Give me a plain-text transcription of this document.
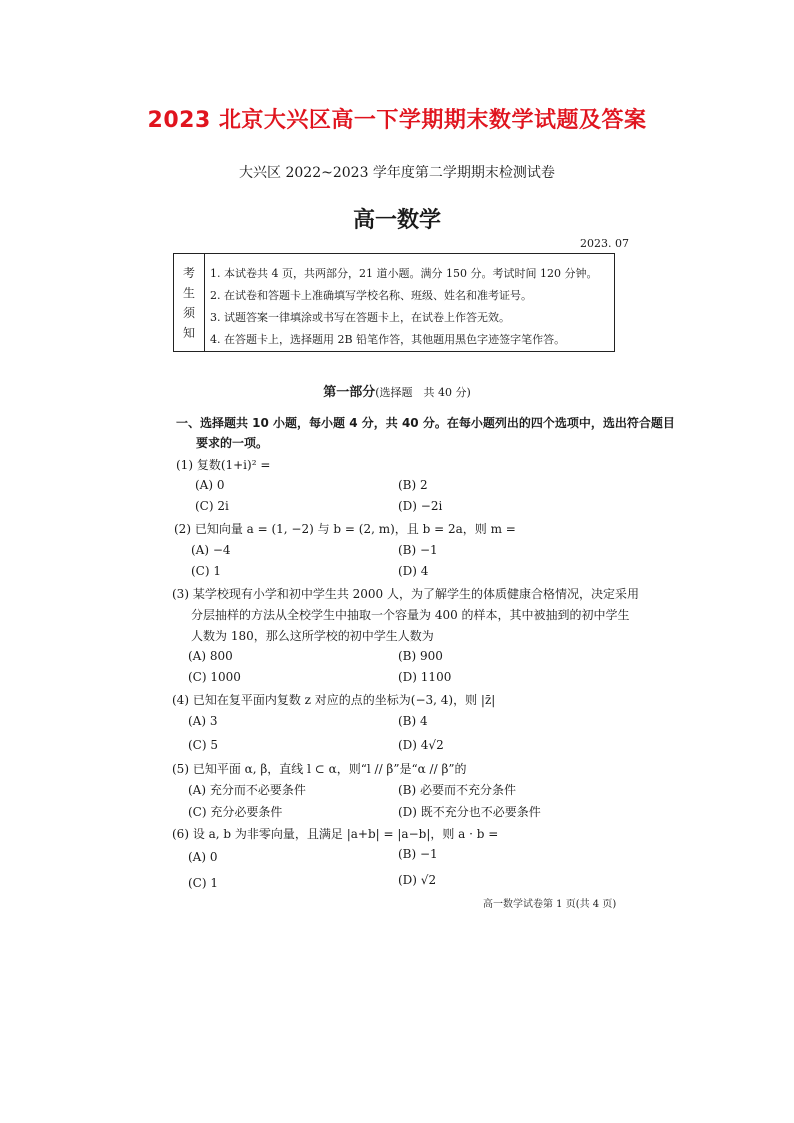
2023 北京大兴区高一下学期期末数学试题及答案
大兴区 2022~2023 学年度第二学期期末检测试卷
高一数学
2023. 07
考
生
须
知
1. 本试卷共 4 页，共两部分，21 道小题。满分 150 分。考试时间 120 分钟。
2. 在试卷和答题卡上准确填写学校名称、班级、姓名和准考证号。
3. 试题答案一律填涂或书写在答题卡上，在试卷上作答无效。
4. 在答题卡上，选择题用 2B 铅笔作答，其他题用黑色字迹签字笔作答。
第一部分(选择题　共 40 分)
一、选择题共 10 小题，每小题 4 分，共 40 分。在每小题列出的四个选项中，选出符合题目
要求的一项。
(1) 复数(1+i)² =
(A) 0	(B) 2
(C) 2i	(D) −2i
(2) 已知向量 a = (1, −2) 与 b = (2, m)，且 b = 2a，则 m =
(A) −4	(B) −1
(C) 1	(D) 4
(3) 某学校现有小学和初中学生共 2000 人，为了解学生的体质健康合格情况，决定采用
分层抽样的方法从全校学生中抽取一个容量为 400 的样本，其中被抽到的初中学生
人数为 180，那么这所学校的初中学生人数为
(A) 800	(B) 900
(C) 1000	(D) 1100
(4) 已知在复平面内复数 z 对应的点的坐标为(−3, 4)，则 |z̄|
(A) 3	(B) 4
(C) 5	(D) 4√2
(5) 已知平面 α, β，直线 l ⊂ α，则“l // β”是“α // β”的
(A) 充分而不必要条件	(B) 必要而不充分条件
(C) 充分必要条件	(D) 既不充分也不必要条件
(6) 设 a, b 为非零向量，且满足 |a+b| = |a−b|，则 a · b =
(A) 0	(B) −1
(C) 1	(D) √2
高一数学试卷第 1 页(共 4 页)
